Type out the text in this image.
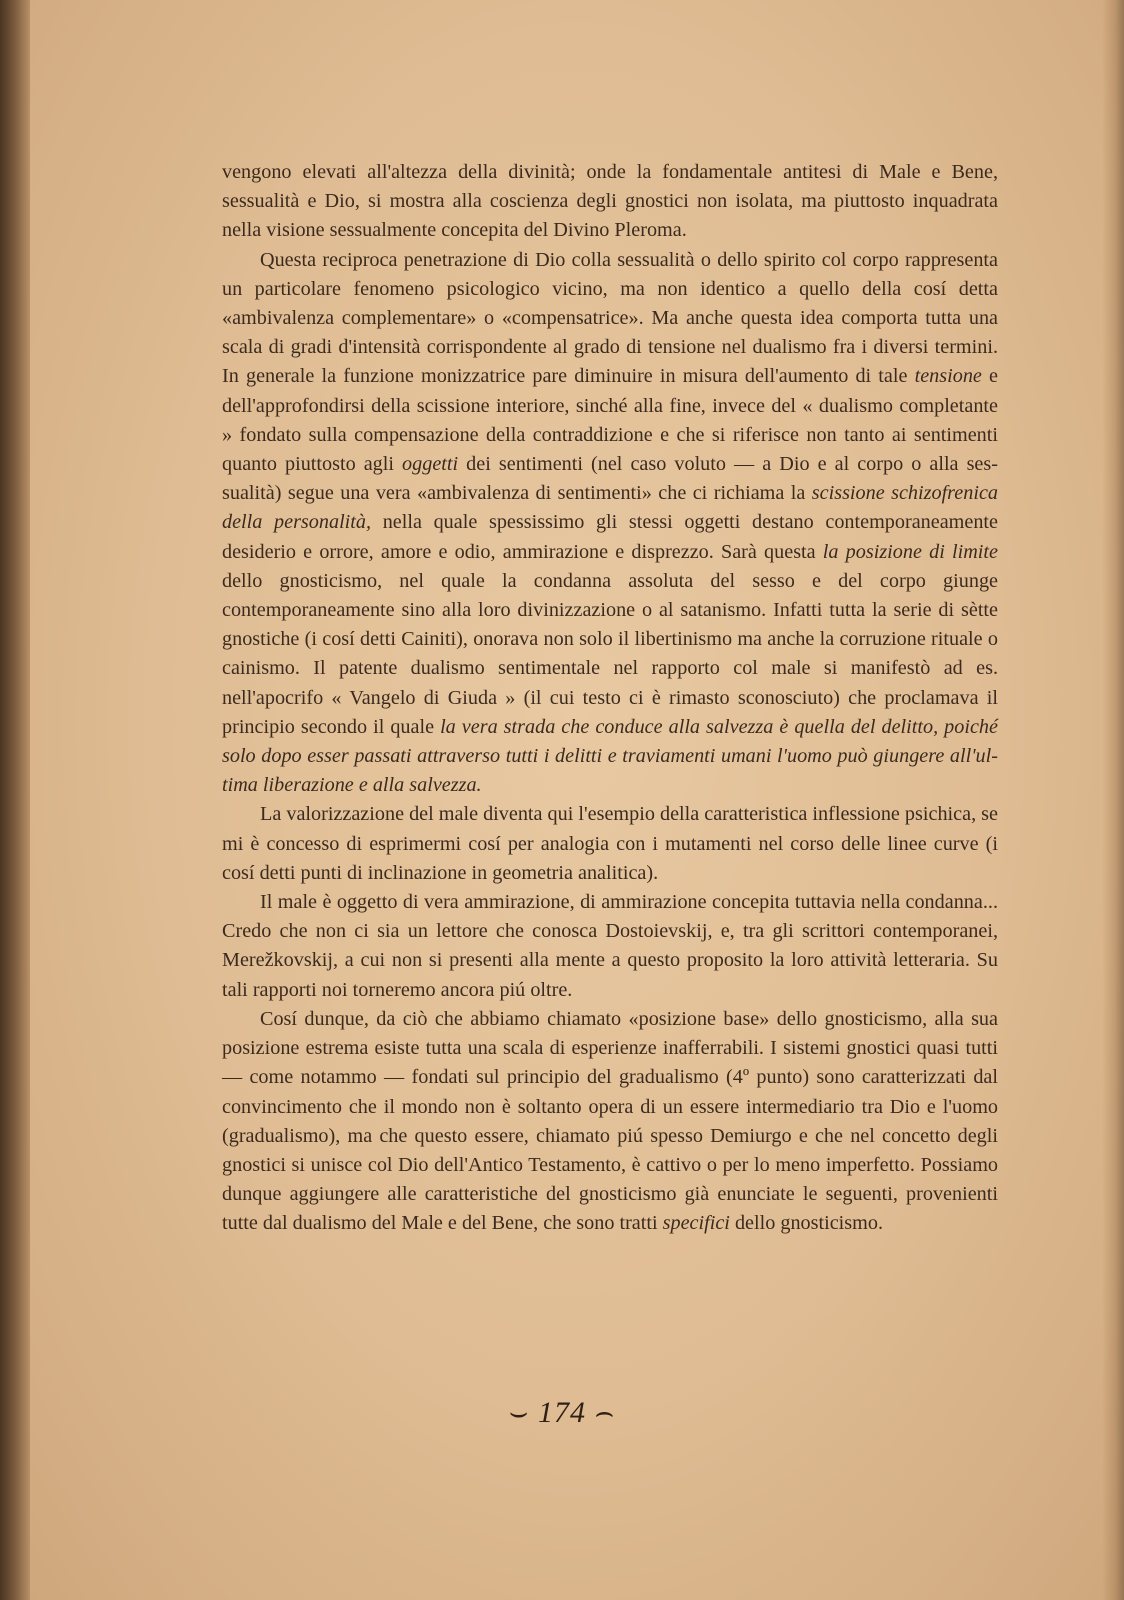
vengono elevati all'altezza della divinità; onde la fondamentale antitesi di Male e Bene, sessualità e Dio, si mostra alla coscienza degli gnostici non isolata, ma piuttosto inquadrata nella visione sessualmente concepita del Divino Pleroma.

Questa reciproca penetrazione di Dio colla sessualità o dello spirito col corpo rappresenta un particolare fenomeno psicologico vicino, ma non identico a quello della cosí detta «ambivalenza complementare» o «compensatrice». Ma anche questa idea comporta tutta una scala di gradi d'intensità corrispondente al grado di tensione nel dualismo fra i diversi termini. In generale la funzione monizzatrice pare diminuire in misura dell'aumento di tale tensione e dell'approfondirsi della scissione interiore, sinché alla fine, invece del « dualismo completante » fondato sulla compensazione della contraddizione e che si riferisce non tanto ai sentimenti quanto piuttosto agli oggetti dei sentimenti (nel caso voluto — a Dio e al corpo o alla sessualità) segue una vera «ambivalenza di sentimenti» che ci richiama la scissione schizofrenica della personalità, nella quale spessissimo gli stessi oggetti destano contemporaneamente desiderio e orrore, amore e odio, ammirazione e disprezzo. Sarà questa la posizione di limite dello gnosticismo, nel quale la condanna assoluta del sesso e del corpo giunge contemporaneamente sino alla loro divinizzazione o al satanismo. Infatti tutta la serie di sètte gnostiche (i cosí detti Cainiti), onorava non solo il libertinismo ma anche la corruzione rituale o cainismo. Il patente dualismo sentimentale nel rapporto col male si manifestò ad es. nell'apocrifo « Vangelo di Giuda » (il cui testo ci è rimasto sconosciuto) che proclamava il principio secondo il quale la vera strada che conduce alla salvezza è quella del delitto, poiché solo dopo esser passati attraverso tutti i delitti e traviamenti umani l'uomo può giungere all'ultima liberazione e alla salvezza.

La valorizzazione del male diventa qui l'esempio della caratteristica inflessione psichica, se mi è concesso di esprimermi cosí per analogia con i mutamenti nel corso delle linee curve (i cosí detti punti di inclinazione in geometria analitica).

Il male è oggetto di vera ammirazione, di ammirazione concepita tuttavia nella condanna... Credo che non ci sia un lettore che conosca Dostoievskij, e, tra gli scrittori contemporanei, Merežkovskij, a cui non si presenti alla mente a questo proposito la loro attività letteraria. Su tali rapporti noi torneremo ancora piú oltre.

Cosí dunque, da ciò che abbiamo chiamato «posizione base» dello gnosticismo, alla sua posizione estrema esiste tutta una scala di esperienze inafferrabili. I sistemi gnostici quasi tutti — come notammo — fondati sul principio del gradualismo (4º punto) sono caratterizzati dal convincimento che il mondo non è soltanto opera di un essere intermediario tra Dio e l'uomo (gradualismo), ma che questo essere, chiamato piú spesso Demiurgo e che nel concetto degli gnostici si unisce col Dio dell'Antico Testamento, è cattivo o per lo meno imperfetto. Possiamo dunque aggiungere alle caratteristiche del gnosticismo già enunciate le seguenti, provenienti tutte dal dualismo del Male e del Bene, che sono tratti specifici dello gnosticismo.

⌣ 174 ⌢
